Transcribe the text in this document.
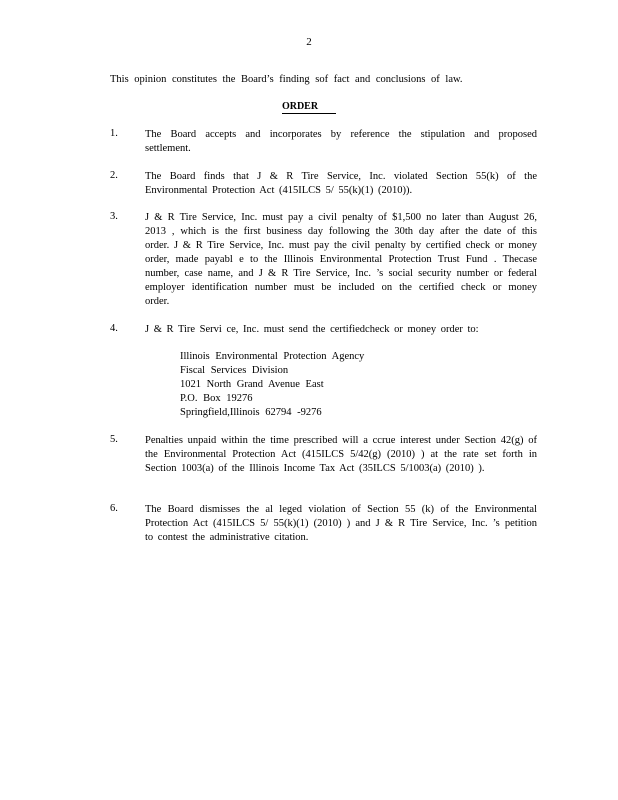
2
This opinion constitutes the Board’s finding sof fact and conclusions of law.
ORDER
1.	The Board accepts and incorporates by reference the stipulation and proposed settlement.
2.	The Board finds that J & R Tire Service, Inc. violated Section 55(k) of the Environmental Protection Act (415ILCS 5/ 55(k)(1) (2010)).
3.	J & R Tire Service, Inc. must pay a civil penalty of $1,500 no later than August 26, 2013 , which is the first business day following the 30th day after the date of this order. J & R Tire Service, Inc. must pay the civil penalty by certified check or money order, made payabl e to the Illinois Environmental Protection Trust Fund . Thecase number, case name, and J & R Tire Service, Inc. ’s social security number or federal employer identification number must be included on the certified check or money order.
4.	J & R Tire Servi ce, Inc. must send the certifiedcheck or money order to:
Illinois Environmental Protection Agency
Fiscal Services Division
1021 North Grand Avenue East
P.O. Box 19276
Springfield,Illinois 62794 -9276
5.	Penalties unpaid within the time prescribed will a ccrue interest under Section 42(g) of the Environmental Protection Act (415ILCS 5/42(g) (2010) ) at the rate set forth in Section 1003(a) of the Illinois Income Tax Act (35ILCS 5/1003(a) (2010) ).
6.	The Board dismisses the al leged violation of Section 55 (k) of the Environmental Protection Act (415ILCS 5/ 55(k)(1) (2010) ) and J & R Tire Service, Inc. ’s petition to contest the administrative citation.
